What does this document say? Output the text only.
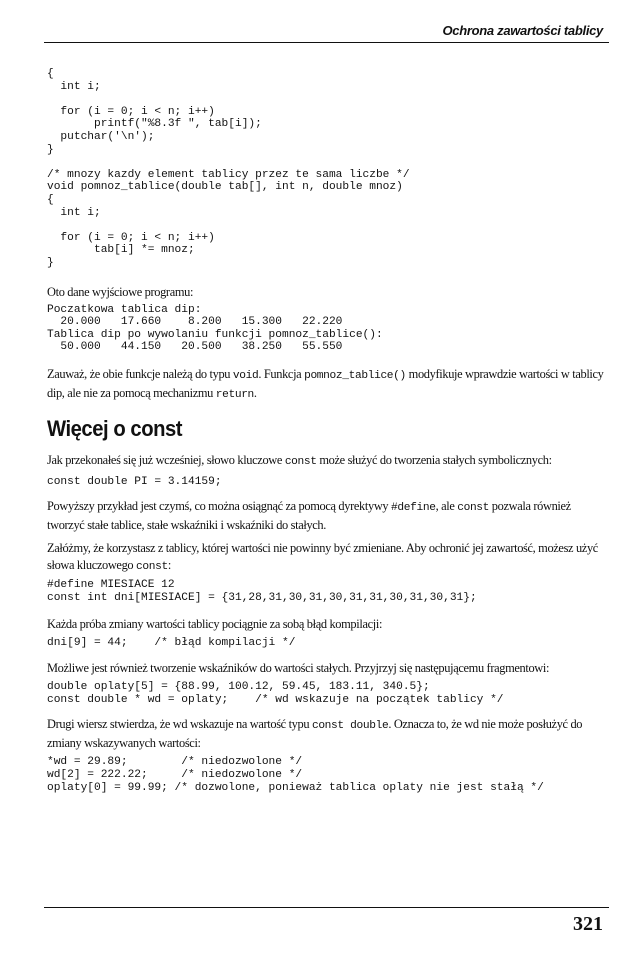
Ochrona zawartości tablicy
{
int i;

for (i = 0; i < n; i++)
printf("%8.3f ", tab[i]);
putchar('\n');
}

/* mnozy kazdy element tablicy przez te sama liczbe */
void pomnoz_tablice(double tab[], int n, double mnoz)
{
int i;

for (i = 0; i < n; i++)
tab[i] *= mnoz;
}

Oto dane wyjściowe programu:

Poczatkowa tablica dip:
20.000   17.660    8.200   15.300   22.220
Tablica dip po wywolaniu funkcji pomnoz_tablice():
50.000   44.150   20.500   38.250   55.550

Zauważ, że obie funkcje należą do typu void. Funkcja pomnoz_tablice() modyfikuje wprawdzie wartości w tablicy dip, ale nie za pomocą mechanizmu return.

Więcej o const

Jak przekonałeś się już wcześniej, słowo kluczowe const może służyć do tworzenia stałych symbolicznych:

const double PI = 3.14159;

Powyższy przykład jest czymś, co można osiągnąć za pomocą dyrektywy #define, ale const pozwala również tworzyć stałe tablice, stałe wskaźniki i wskaźniki do stałych.

Załóżmy, że korzystasz z tablicy, której wartości nie powinny być zmieniane. Aby ochronić jej zawartość, możesz użyć słowa kluczowego const:

#define MIESIACE 12
const int dni[MIESIACE] = {31,28,31,30,31,30,31,31,30,31,30,31};

Każda próba zmiany wartości tablicy pociągnie za sobą błąd kompilacji:

dni[9] = 44;    /* błąd kompilacji */

Możliwe jest również tworzenie wskaźników do wartości stałych. Przyjrzyj się następującemu fragmentowi:

double oplaty[5] = {88.99, 100.12, 59.45, 183.11, 340.5};
const double * wd = oplaty;    /* wd wskazuje na początek tablicy */

Drugi wiersz stwierdza, że wd wskazuje na wartość typu const double. Oznacza to, że wd nie może posłużyć do zmiany wskazywanych wartości:

*wd = 29.89;        /* niedozwolone */
wd[2] = 222.22;     /* niedozwolone */
oplaty[0] = 99.99; /* dozwolone, ponieważ tablica oplaty nie jest stałą */
321
